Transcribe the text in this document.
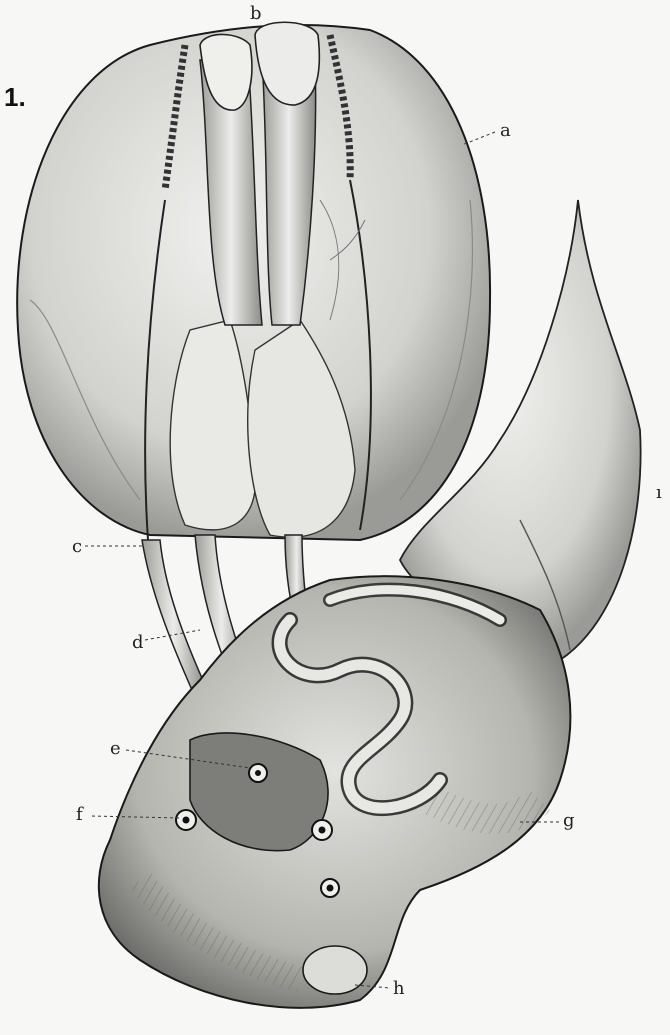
1.
b
a
ı
c
d
e
f	g
h
